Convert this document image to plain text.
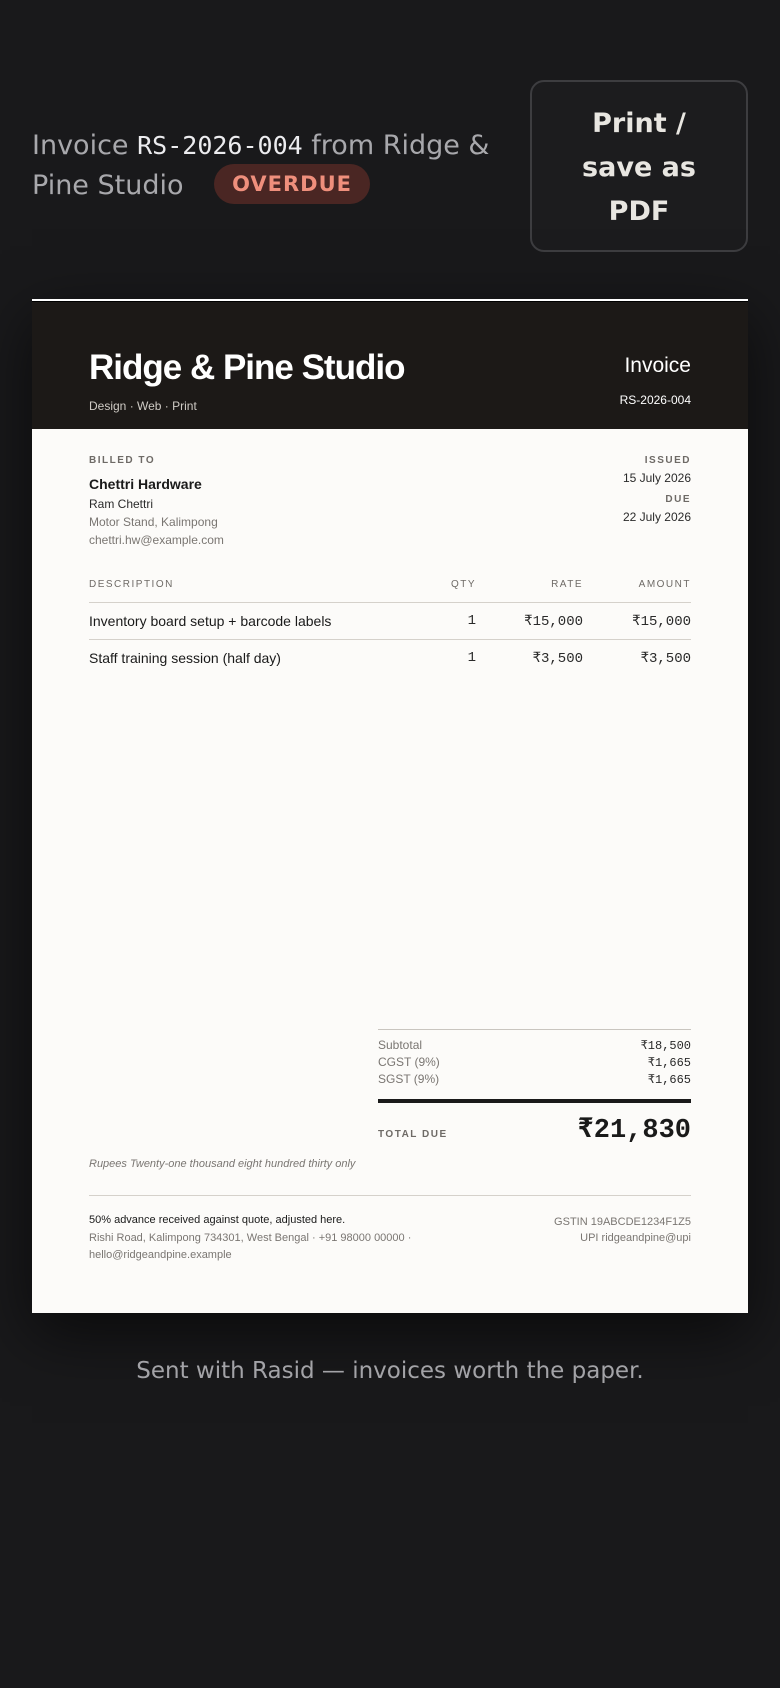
Invoice RS-2026-004 from Ridge & Pine Studio OVERDUE
Print / save as PDF
Ridge & Pine Studio
Design · Web · Print
Invoice
RS-2026-004
BILLED TO
Chettri Hardware
Ram Chettri
Motor Stand, Kalimpong
chettri.hw@example.com
ISSUED
15 July 2026
DUE
22 July 2026
DESCRIPTION	QTY	RATE	AMOUNT
Inventory board setup + barcode labels	1	₹15,000	₹15,000
Staff training session (half day)	1	₹3,500	₹3,500
Subtotal	₹18,500
CGST (9%)	₹1,665
SGST (9%)	₹1,665
TOTAL DUE	₹21,830
Rupees Twenty-one thousand eight hundred thirty only
50% advance received against quote, adjusted here.
Rishi Road, Kalimpong 734301, West Bengal · +91 98000 00000 · hello@ridgeandpine.example
GSTIN 19ABCDE1234F1Z5
UPI ridgeandpine@upi
Sent with Rasid — invoices worth the paper.
